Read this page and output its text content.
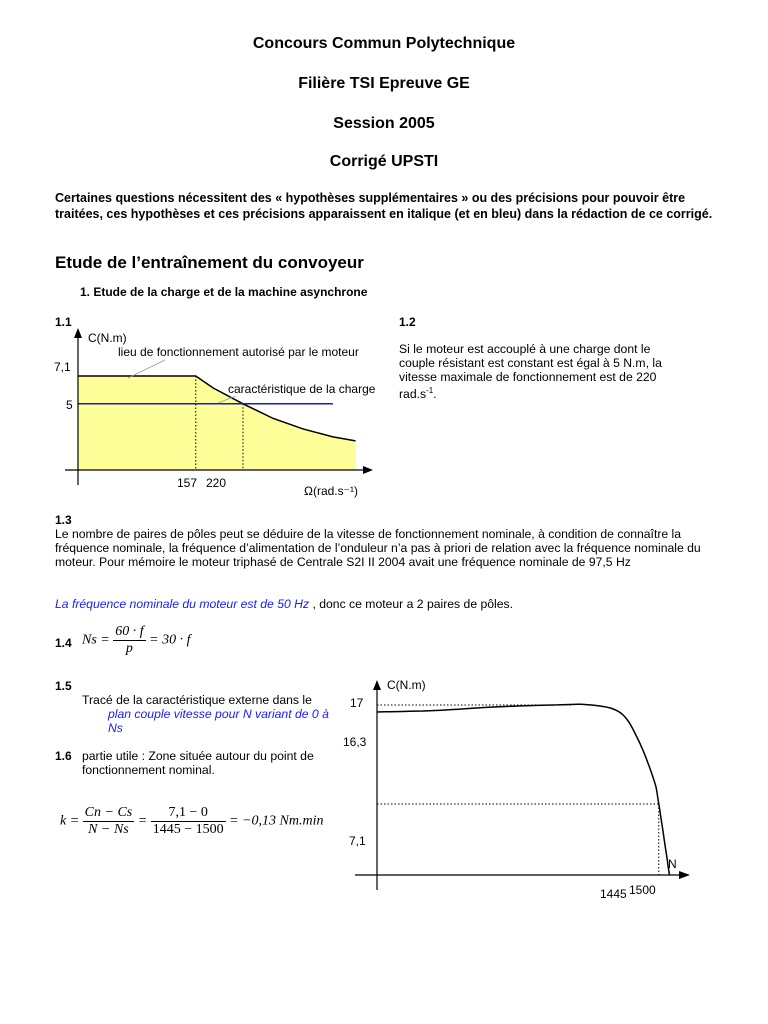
Concours Commun Polytechnique
Filière TSI Epreuve GE
Session 2005
Corrigé UPSTI
Certaines questions nécessitent des « hypothèses supplémentaires » ou des précisions pour pouvoir être traitées, ces hypothèses et ces précisions apparaissent en italique (et en bleu) dans la rédaction de ce corrigé.
Etude de l’entraînement du convoyeur
1. Etude de la charge et de la machine asynchrone
1.1
C(N.m)
7,1
5
157 220
Ω(rad.s⁻¹)
lieu de fonctionnement autorisé par le moteur
caractéristique de la charge
1.2
Si le moteur est accouplé à une charge dont le couple résistant est constant est égal à 5 N.m, la vitesse maximale de fonctionnement est de 220 $rad.s^{-1}$.
1.3
Le nombre de paires de pôles peut se déduire de la vitesse de fonctionnement nominale, à condition de connaître la fréquence nominale, la fréquence d’alimentation de l’onduleur n’a pas à priori de relation avec la fréquence nominale du moteur. Pour mémoire le moteur triphasé de Centrale S2I II 2004 avait une fréquence nominale de 97,5 Hz
La fréquence nominale du moteur est de 50 Hz , donc ce moteur a 2 paires de pôles.
1.4 $Ns = \frac{60 \cdot f}{p} = 30 \cdot f$
1.5
Tracé de la caractéristique externe dans le
plan couple vitesse pour N variant de 0 à Ns
1.6 partie utile : Zone située autour du point de fonctionnement nominal.
$k = \frac{Cn - Cs}{N - Ns} = \frac{7,1 - 0}{1445 - 1500} = -0,13$ Nm.min
C(N.m)
17
16,3
7,1
N
1445 1500
